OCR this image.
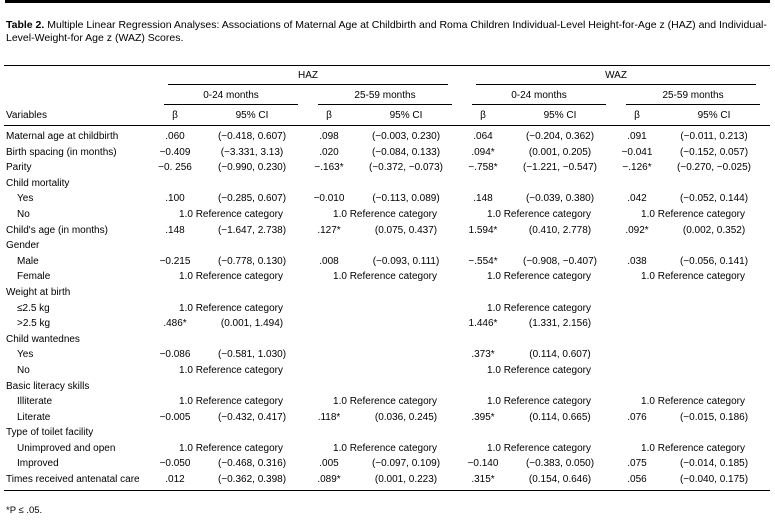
Table 2. Multiple Linear Regression Analyses: Associations of Maternal Age at Childbirth and Roma Children Individual-Level Height-for-Age z (HAZ) and Individual-Level-Weight-for Age z (WAZ) Scores.

Variables	HAZ				WAZ			

	0-24 months		25-59 months		0-24 months		25-59 months	

	β	95% CI	β	95% CI	β	95% CI	β	95% CI
Maternal age at childbirth	.060	(−0.418, 0.607)	.098	(−0.003, 0.230)	.064	(−0.204, 0.362)	.091	(−0.011, 0.213)
Birth spacing (in months)	−0.409	(−3.331, 3.13)	.020	(−0.084, 0.133)	.094*	(0.001, 0.205)	−0.041	(−0.152, 0.057)
Parity	−0. 256	(−0.990, 0.230)	−.163*	(−0.372, −0.073)	−.758*	(−1.221, −0.547)	−.126*	(−0.270, −0.025)
Child mortality								
Yes	.100	(−0.285, 0.607)	−0.010	(−0.113, 0.089)	.148	(−0.039, 0.380)	.042	(−0.052, 0.144)
No	1.0 Reference category		1.0 Reference category		1.0 Reference category		1.0 Reference category	
Child's age (in months)	.148	(−1.647, 2.738)	.127*	(0.075, 0.437)	1.594*	(0.410, 2.778)	.092*	(0.002, 0.352)
Gender								
Male	−0.215	(−0.778, 0.130)	.008	(−0.093, 0.111)	−.554*	(−0.908, −0.407)	.038	(−0.056, 0.141)
Female	1.0 Reference category		1.0 Reference category		1.0 Reference category		1.0 Reference category	
Weight at birth								
≤2.5 kg	1.0 Reference category				1.0 Reference category			
>2.5 kg	.486*	(0.001, 1.494)			1.446*	(1.331, 2.156)		
Child wantednes								
Yes	−0.086	(−0.581, 1.030)			.373*	(0.114, 0.607)		
No	1.0 Reference category				1.0 Reference category			
Basic literacy skills								
Illiterate	1.0 Reference category		1.0 Reference category		1.0 Reference category		1.0 Reference category	
Literate	−0.005	(−0.432, 0.417)	.118*	(0.036, 0.245)	.395*	(0.114, 0.665)	.076	(−0.015, 0.186)
Type of toilet facility								
Unimproved and open	1.0 Reference category		1.0 Reference category		1.0 Reference category		1.0 Reference category	
Improved	−0.050	(−0.468, 0.316)	.005	(−0.097, 0.109)	−0.140	(−0.383, 0.050)	.075	(−0.014, 0.185)
Times received antenatal care	.012	(−0.362, 0.398)	.089*	(0.001, 0.223)	.315*	(0.154, 0.646)	.056	(−0.040, 0.175)

*P ≤ .05.
